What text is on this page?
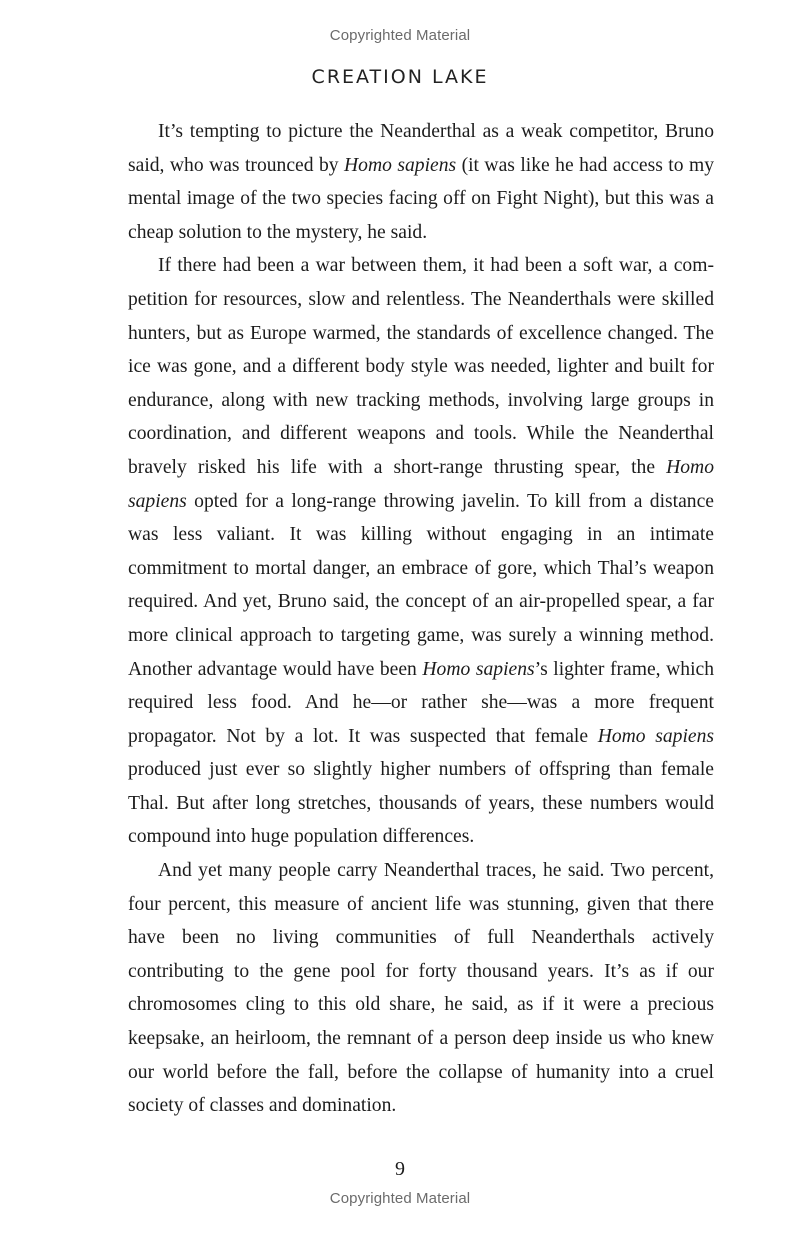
Copyrighted Material
CREATION LAKE

It’s tempting to picture the Neanderthal as a weak competitor, Bruno said, who was trounced by Homo sapiens (it was like he had access to my mental image of the two species facing off on Fight Night), but this was a cheap solution to the mystery, he said.

If there had been a war between them, it had been a soft war, a competition for resources, slow and relentless. The Neanderthals were skilled hunters, but as Europe warmed, the standards of excellence changed. The ice was gone, and a different body style was needed, lighter and built for endurance, along with new tracking methods, involving large groups in coordination, and different weapons and tools. While the Neanderthal bravely risked his life with a short-range thrusting spear, the Homo sapiens opted for a long-range throwing javelin. To kill from a distance was less valiant. It was killing without engaging in an intimate commitment to mortal danger, an embrace of gore, which Thal’s weapon required. And yet, Bruno said, the concept of an air-propelled spear, a far more clinical approach to targeting game, was surely a winning method. Another advantage would have been Homo sapiens’s lighter frame, which required less food. And he—or rather she—was a more frequent propagator. Not by a lot. It was suspected that female Homo sapiens produced just ever so slightly higher numbers of offspring than female Thal. But after long stretches, thousands of years, these numbers would compound into huge population differences.

And yet many people carry Neanderthal traces, he said. Two percent, four percent, this measure of ancient life was stunning, given that there have been no living communities of full Neanderthals actively contributing to the gene pool for forty thousand years. It’s as if our chromosomes cling to this old share, he said, as if it were a precious keepsake, an heirloom, the remnant of a person deep inside us who knew our world before the fall, before the collapse of humanity into a cruel society of classes and domination.

9
Copyrighted Material
